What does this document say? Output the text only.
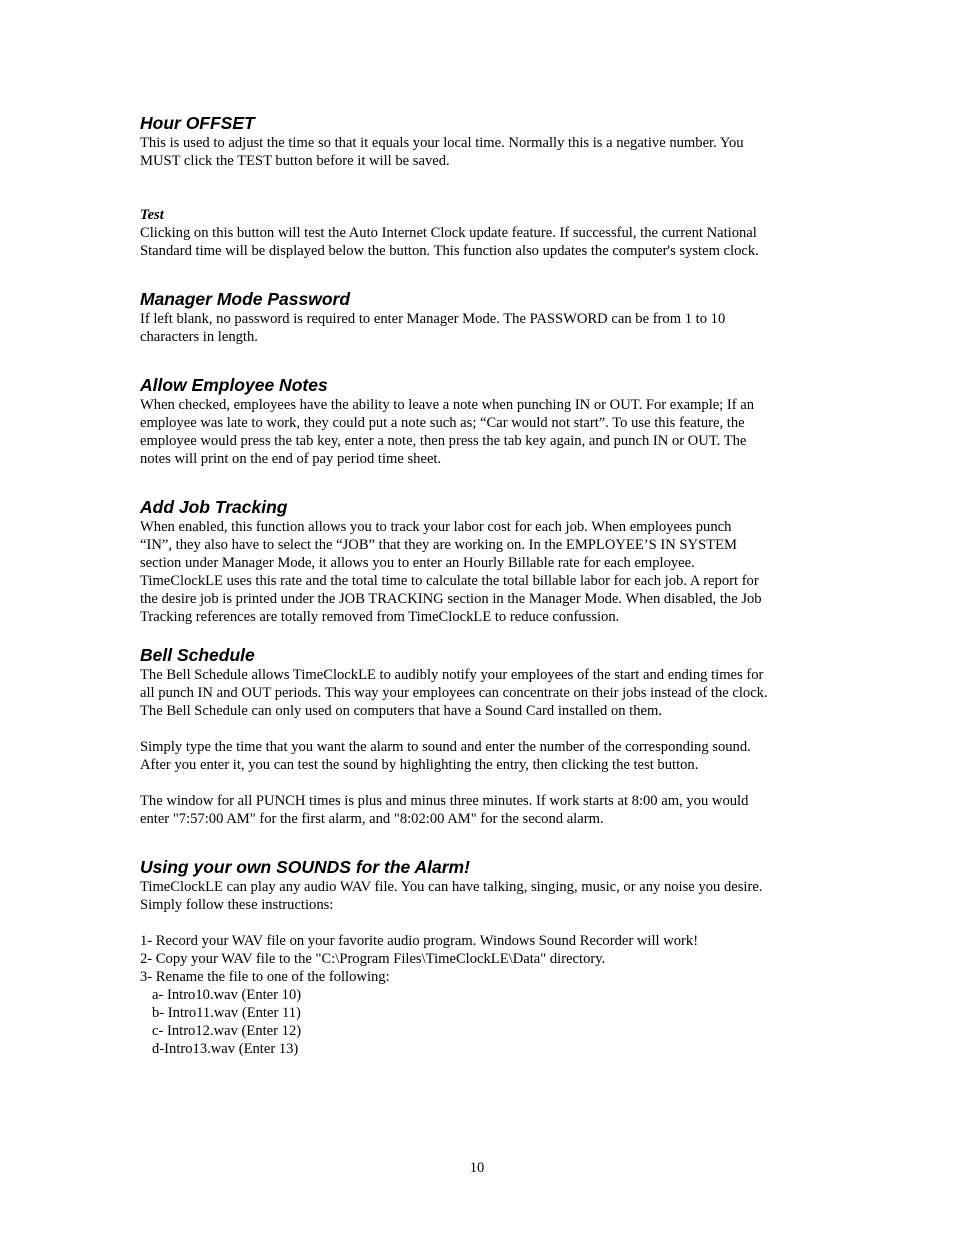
Hour OFFSET

This is used to adjust the time so that it equals your local time. Normally this is a negative number. You
MUST click the TEST button before it will be saved.

Test

Clicking on this button will test the Auto Internet Clock update feature. If successful, the current National
Standard time will be displayed below the button. This function also updates the computer's system clock.

Manager Mode Password

If left blank, no password is required to enter Manager Mode. The PASSWORD can be from 1 to 10
characters in length.

Allow Employee Notes

When checked, employees have the ability to leave a note when punching IN or OUT. For example; If an
employee was late to work, they could put a note such as; “Car would not start”. To use this feature, the
employee would press the tab key, enter a note, then press the tab key again, and punch IN or OUT. The
notes will print on the end of pay period time sheet.

Add Job Tracking

When enabled, this function allows you to track your labor cost for each job. When employees punch
“IN”, they also have to select the “JOB” that they are working on. In the EMPLOYEE’S IN SYSTEM
section under Manager Mode, it allows you to enter an Hourly Billable rate for each employee.
TimeClockLE uses this rate and the total time to calculate the total billable labor for each job. A report for
the desire job is printed under the JOB TRACKING section in the Manager Mode. When disabled, the Job
Tracking references are totally removed from TimeClockLE to reduce confussion.

Bell Schedule

The Bell Schedule allows TimeClockLE to audibly notify your employees of the start and ending times for
all punch IN and OUT periods. This way your employees can concentrate on their jobs instead of the clock.
The Bell Schedule can only used on computers that have a Sound Card installed on them.

Simply type the time that you want the alarm to sound and enter the number of the corresponding sound.
After you enter it, you can test the sound by highlighting the entry, then clicking the test button.

The window for all PUNCH times is plus and minus three minutes. If work starts at 8:00 am, you would
enter "7:57:00 AM" for the first alarm, and "8:02:00 AM" for the second alarm.

Using your own SOUNDS for the Alarm!

TimeClockLE can play any audio WAV file. You can have talking, singing, music, or any noise you desire.
Simply follow these instructions:

1- Record your WAV file on your favorite audio program. Windows Sound Recorder will work!
2- Copy your WAV file to the "C:\Program Files\TimeClockLE\Data" directory.
3- Rename the file to one of the following:

a- Intro10.wav (Enter 10)
b- Intro11.wav (Enter 11)
c- Intro12.wav (Enter 12)
d-Intro13.wav (Enter 13)
10
